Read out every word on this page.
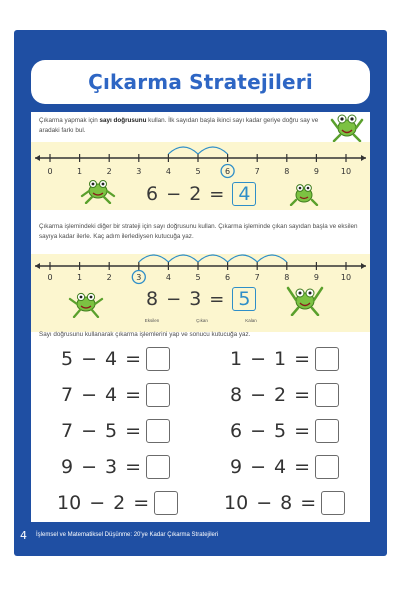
Çıkarma Stratejileri
Çıkarma yapmak için sayı doğrusunu kullan. İlk sayıdan başla ikinci sayı kadar geriye doğru say ve aradaki farkı bul.
0	1	2	3	4	5	6	7	8	9	10
6 − 2 = 4
Çıkarma işlemindeki diğer bir strateji için sayı doğrusunu kullan. Çıkarma işleminde çıkan sayıdan başla ve eksilen sayıya kadar ilerle. Kaç adım ilerlediysen kutucuğa yaz.
0	1	2	3	4	5	6	7	8	9	10
8 − 3 = 5
Eksilen	Çıkan	Kalan
Sayı doğrusunu kullanarak çıkarma işlemlerini yap ve sonucu kutucuğa yaz.
5 − 4 =	1 − 1 =
7 − 4 =	8 − 2 =
7 − 5 =	6 − 5 =
9 − 3 =	9 − 4 =
10 − 2 =	10 − 8 =
4 İşlemsel ve Matematiksel Düşünme: 20'ye Kadar Çıkarma Stratejileri
